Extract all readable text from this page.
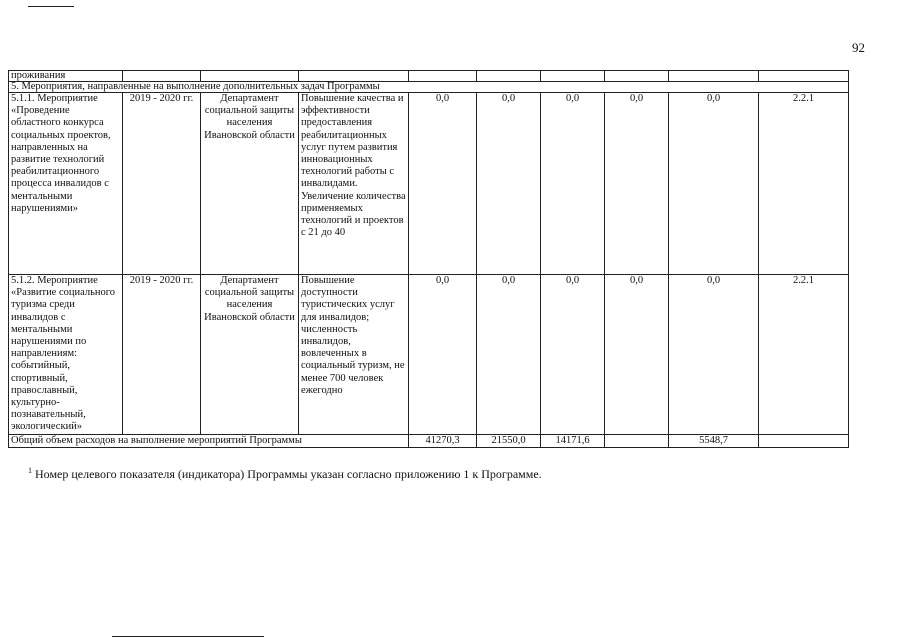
92
проживания									
5. Мероприятия, направленные на выполнение дополнительных задач Программы									
5.1.1. Мероприятие «Проведение областного конкурса социальных проектов, направленных на развитие технологий реабилитационного процесса инвалидов с ментальными нарушениями»	2019 - 2020 гг.	Департамент социальной защиты населения Ивановской области	Повышение качества и эффективности предоставления реабилитационных услуг путем развития инновационных технологий работы с инвалидами. Увеличение количества применяемых технологий и проектов с 21 до 40	0,0	0,0	0,0	0,0	0,0	2.2.1
5.1.2. Мероприятие «Развитие социального туризма среди инвалидов с ментальными нарушениями по направлениям: событийный, спортивный, православный, культурно-познавательный, экологический»	2019 - 2020 гг.	Департамент социальной защиты населения Ивановской области	Повышение доступности туристических услуг для инвалидов; численность инвалидов, вовлеченных в социальный туризм, не менее 700 человек ежегодно	0,0	0,0	0,0	0,0	0,0	2.2.1
Общий объем расходов на выполнение мероприятий Программы				41270,3	21550,0	14171,6		5548,7	
$^1$ Номер целевого показателя (индикатора) Программы указан согласно приложению 1 к Программе.
